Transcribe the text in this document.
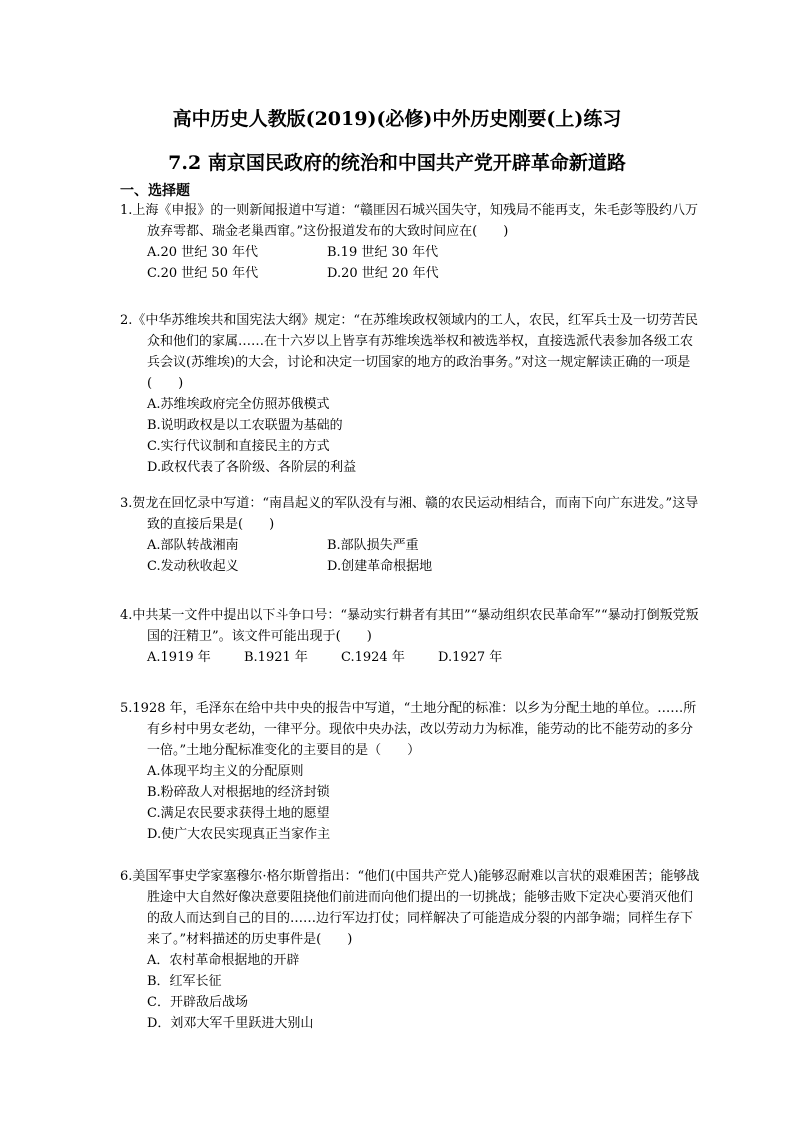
高中历史人教版(2019)(必修)中外历史刚要(上)练习
7.2 南京国民政府的统治和中国共产党开辟革命新道路
一、选择题

1.上海《申报》的一则新闻报道中写道：“赣匪因石城兴国失守，知残局不能再支，朱毛彭等股约八万放弃雩都、瑞金老巢西窜。”这份报道发布的大致时间应在(　　)

A.20 世纪 30 年代	B.19 世纪 30 年代
C.20 世纪 50 年代	D.20 世纪 20 年代

2.《中华苏维埃共和国宪法大纲》规定：“在苏维埃政权领域内的工人，农民，红军兵士及一切劳苦民众和他们的家属……在十六岁以上皆享有苏维埃选举权和被选举权，直接选派代表参加各级工农兵会议(苏维埃)的大会，讨论和决定一切国家的地方的政治事务。”对这一规定解读正确的一项是(　　)

A.苏维埃政府完全仿照苏俄模式
B.说明政权是以工农联盟为基础的
C.实行代议制和直接民主的方式
D.政权代表了各阶级、各阶层的利益

3.贺龙在回忆录中写道：“南昌起义的军队没有与湘、赣的农民运动相结合，而南下向广东进发。”这导致的直接后果是(　　)

A.部队转战湘南	B.部队损失严重
C.发动秋收起义	D.创建革命根据地

4.中共某一文件中提出以下斗争口号：“暴动实行耕者有其田”“暴动组织农民革命军”“暴动打倒叛党叛国的汪精卫”。该文件可能出现于(　　)

A.1919 年	B.1921 年	C.1924 年	D.1927 年

5.1928 年，毛泽东在给中共中央的报告中写道，“土地分配的标准：以乡为分配土地的单位。……所有乡村中男女老幼，一律平分。现依中央办法，改以劳动力为标准，能劳动的比不能劳动的多分一倍。”土地分配标准变化的主要目的是（　　）

A.体现平均主义的分配原则
B.粉碎敌人对根据地的经济封锁
C.满足农民要求获得土地的愿望
D.使广大农民实现真正当家作主

6.美国军事史学家塞穆尔·格尔斯曾指出：“他们(中国共产党人)能够忍耐难以言状的艰难困苦；能够战胜途中大自然好像决意要阻挠他们前进而向他们提出的一切挑战；能够击败下定决心要消灭他们的敌人而达到自己的目的……边行军边打仗；同样解决了可能造成分裂的内部争端；同样生存下来了。”材料描述的历史事件是(　　)

A．农村革命根据地的开辟
B．红军长征
C．开辟敌后战场
D．刘邓大军千里跃进大别山
